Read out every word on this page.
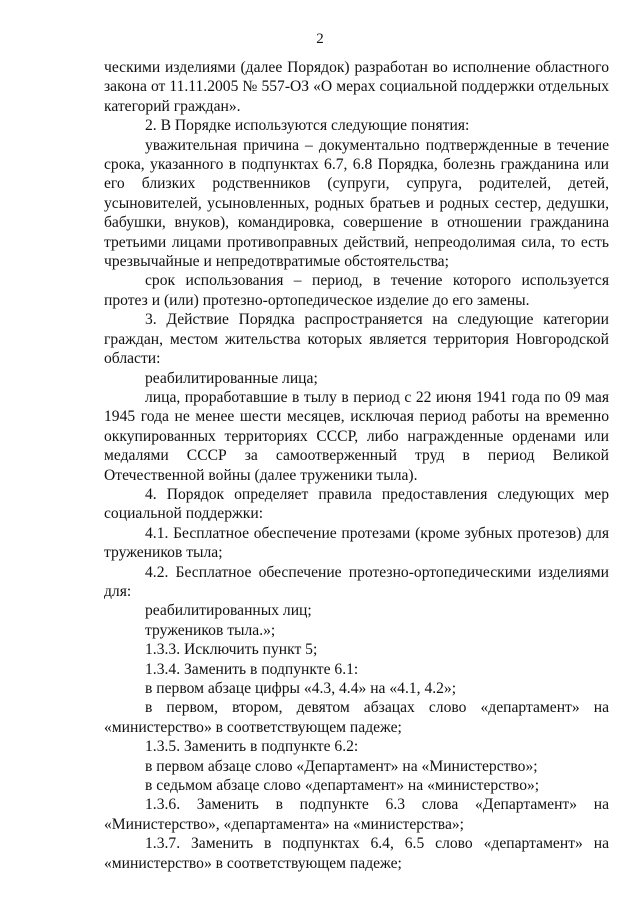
2

ческими изделиями (далее Порядок) разработан во исполнение областного закона от 11.11.2005 № 557-ОЗ «О мерах социальной поддержки отдельных категорий граждан».

2. В Порядке используются следующие понятия:

уважительная причина – документально подтвержденные в течение срока, указанного в подпунктах 6.7, 6.8 Порядка, болезнь гражданина или его близких родственников (супруги, супруга, родителей, детей, усыновителей, усыновленных, родных братьев и родных сестер, дедушки, бабушки, внуков), командировка, совершение в отношении гражданина третьими лицами противоправных действий, непреодолимая сила, то есть чрезвычайные и непредотвратимые обстоятельства;

срок использования – период, в течение которого используется протез и (или) протезно-ортопедическое изделие до его замены.

3. Действие Порядка распространяется на следующие категории граждан, местом жительства которых является территория Новгородской области:

реабилитированные лица;

лица, проработавшие в тылу в период с 22 июня 1941 года по 09 мая 1945 года не менее шести месяцев, исключая период работы на временно оккупированных территориях СССР, либо награжденные орденами или медалями СССР за самоотверженный труд в период Великой Отечественной войны (далее труженики тыла).

4. Порядок определяет правила предоставления следующих мер социальной поддержки:

4.1. Бесплатное обеспечение протезами (кроме зубных протезов) для тружеников тыла;

4.2. Бесплатное обеспечение протезно-ортопедическими изделиями для:

реабилитированных лиц;

тружеников тыла.»;

1.3.3. Исключить пункт 5;

1.3.4. Заменить в подпункте 6.1:

в первом абзаце цифры «4.3, 4.4» на «4.1, 4.2»;

в первом, втором, девятом абзацах слово «департамент» на «министерство» в соответствующем падеже;

1.3.5. Заменить в подпункте 6.2:

в первом абзаце слово «Департамент» на «Министерство»;

в седьмом абзаце слово «департамент» на «министерство»;

1.3.6. Заменить в подпункте 6.3 слова «Департамент» на «Министерство», «департамента» на «министерства»;

1.3.7. Заменить в подпунктах 6.4, 6.5 слово «департамент» на «министерство» в соответствующем падеже;
